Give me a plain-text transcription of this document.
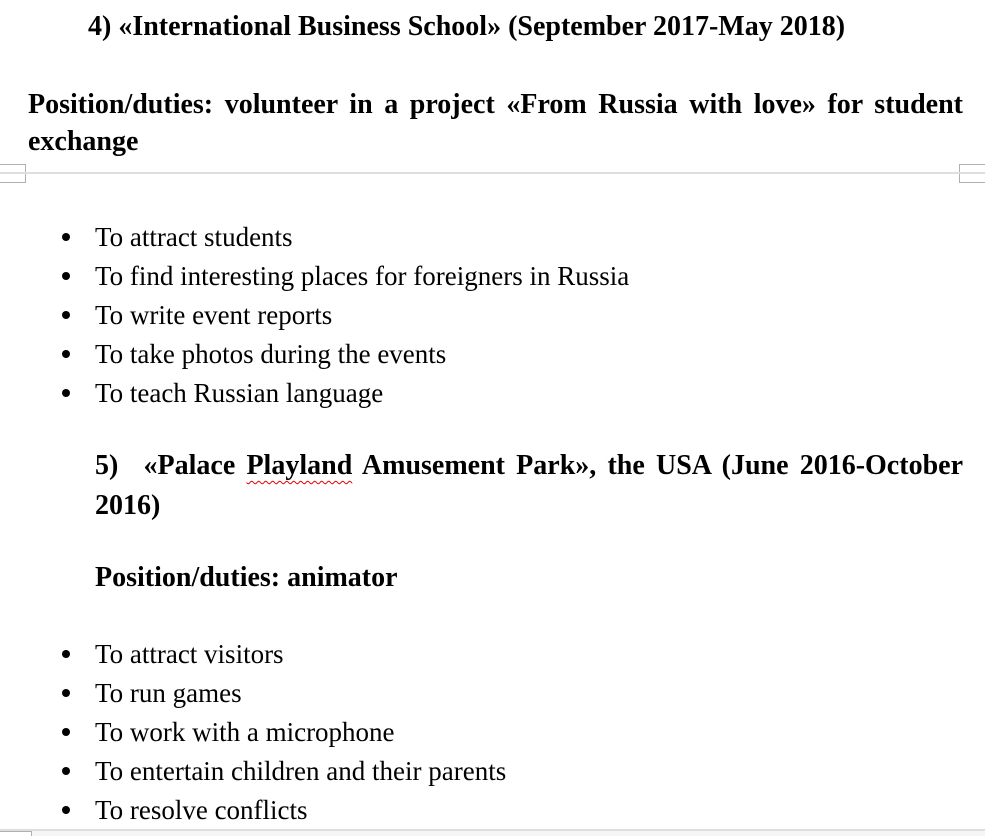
4) «International Business School» (September 2017-May 2018)
Position/duties: volunteer in a project «From Russia with love» for student
exchange
To attract students
To find interesting places for foreigners in Russia
To write event reports
To take photos during the events
To teach Russian language
5) «Palace Playland Amusement Park», the USA (June 2016-October
2016)
Position/duties: animator
To attract visitors
To run games
To work with a microphone
To entertain children and their parents
To resolve conflicts
